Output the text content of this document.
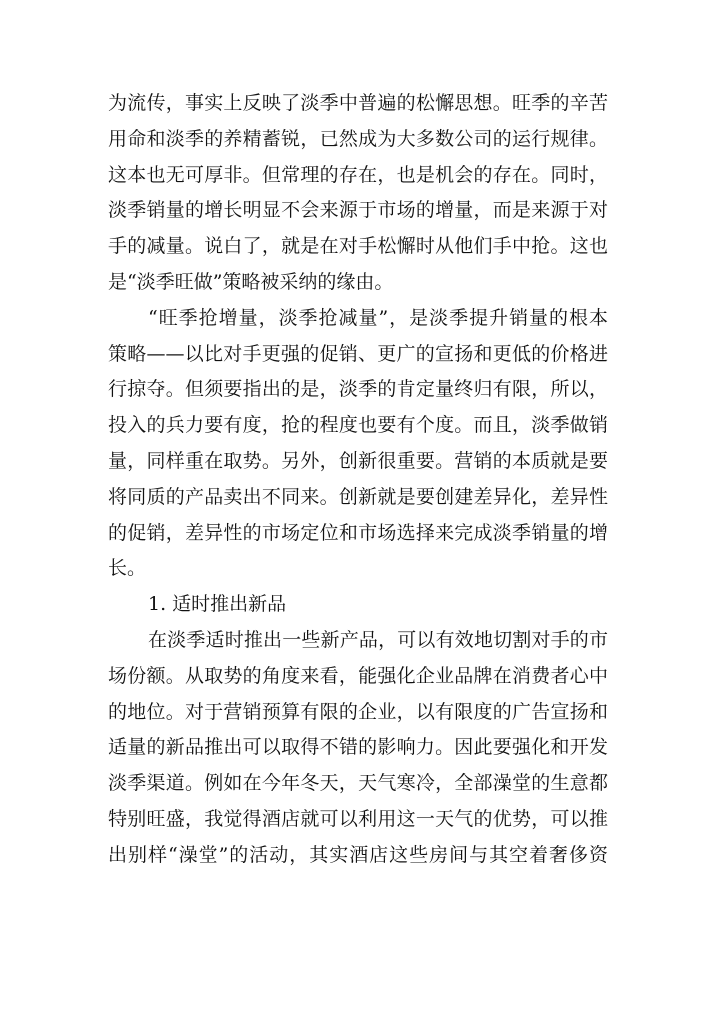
为流传，事实上反映了淡季中普遍的松懈思想。旺季的辛苦
用命和淡季的养精蓄锐，已然成为大多数公司的运行规律。
这本也无可厚非。但常理的存在，也是机会的存在。同时，
淡季销量的增长明显不会来源于市场的增量，而是来源于对
手的减量。说白了，就是在对手松懈时从他们手中抢。这也
是“淡季旺做”策略被采纳的缘由。
“旺季抢增量，淡季抢减量”，是淡季提升销量的根本
策略——以比对手更强的促销、更广的宣扬和更低的价格进
行掠夺。但须要指出的是，淡季的肯定量终归有限，所以，
投入的兵力要有度，抢的程度也要有个度。而且，淡季做销
量，同样重在取势。另外，创新很重要。营销的本质就是要
将同质的产品卖出不同来。创新就是要创建差异化，差异性
的促销，差异性的市场定位和市场选择来完成淡季销量的增
长。
1. 适时推出新品
在淡季适时推出一些新产品，可以有效地切割对手的市
场份额。从取势的角度来看，能强化企业品牌在消费者心中
的地位。对于营销预算有限的企业，以有限度的广告宣扬和
适量的新品推出可以取得不错的影响力。因此要强化和开发
淡季渠道。例如在今年冬天，天气寒冷，全部澡堂的生意都
特别旺盛，我觉得酒店就可以利用这一天气的优势，可以推
出别样“澡堂”的活动，其实酒店这些房间与其空着奢侈资
